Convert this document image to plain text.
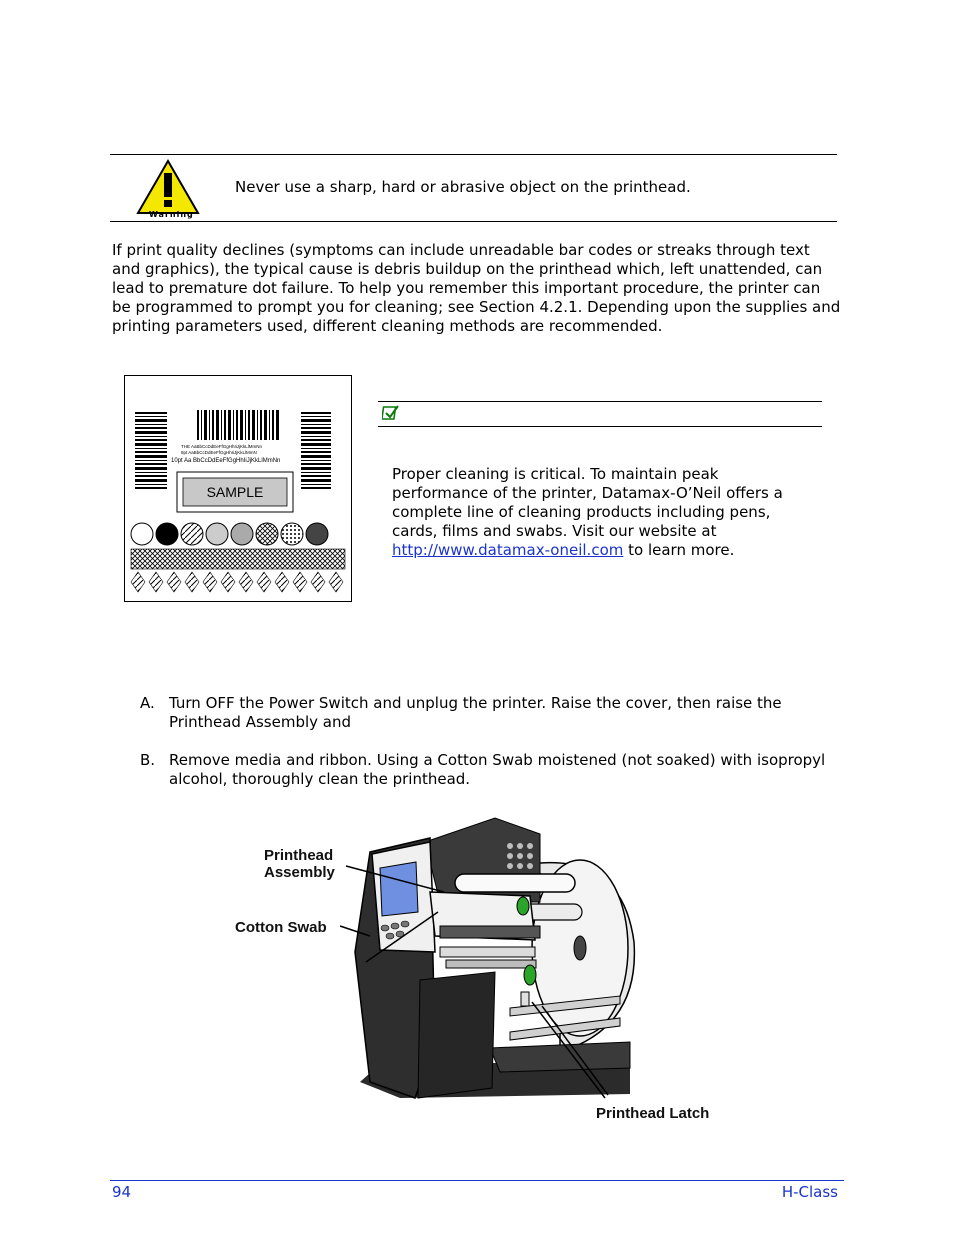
Warning
Never use a sharp, hard or abrasive object on the printhead.
If print quality declines (symptoms can include unreadable bar codes or streaks through text and graphics), the typical cause is debris buildup on the printhead which, left unattended, can lead to premature dot failure. To help you remember this important procedure, the printer can be programmed to prompt you for cleaning; see Section 4.2.1. Depending upon the supplies and printing parameters used, different cleaning methods are recommended.
THE AaBbCcDdEeFfGgHhIiJjKkLlMmNn
8pt AaBbCcDdEeFfGgHhIiJjKkLlMmN
10pt Aa BbCcDdEeFfGgHhIiJjKkLlMmNn
SAMPLE
Proper cleaning is critical. To maintain peak performance of the printer, Datamax-O’Neil offers a complete line of cleaning products including pens, cards, films and swabs. Visit our website at http://www.datamax-oneil.com to learn more.
A. Turn OFF the Power Switch and unplug the printer. Raise the cover, then raise the Printhead Assembly and
B. Remove media and ribbon. Using a Cotton Swab moistened (not soaked) with isopropyl alcohol, thoroughly clean the printhead.
Printhead
Assembly
Cotton Swab
Printhead Latch
94	H-Class
